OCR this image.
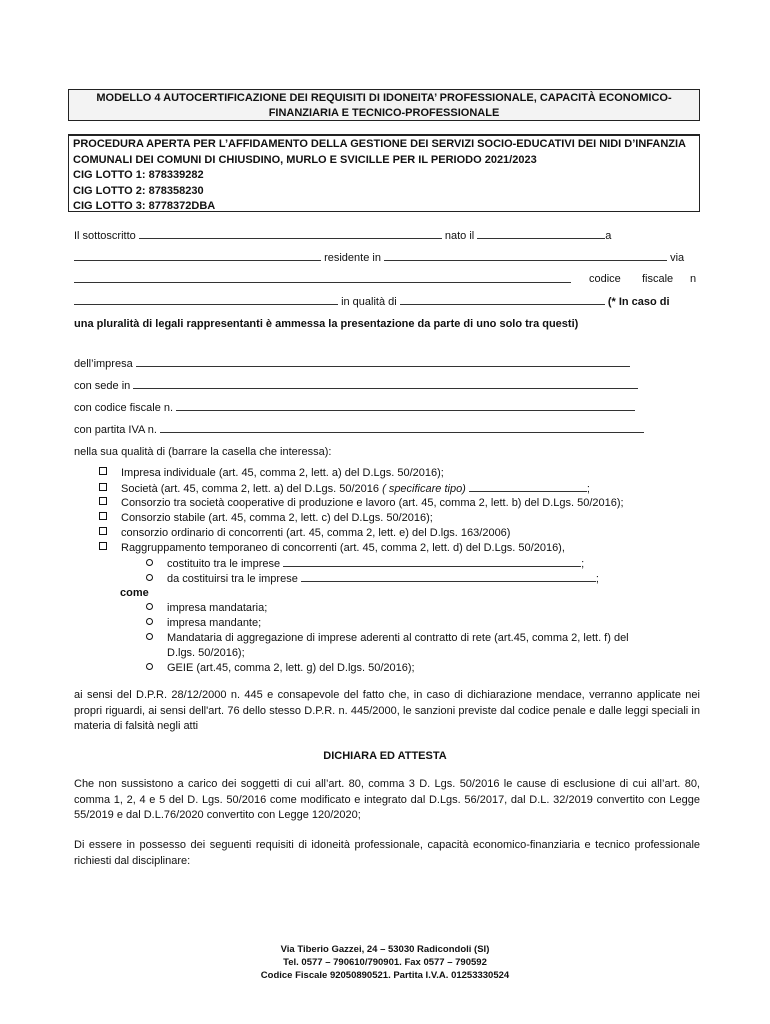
MODELLO 4 AUTOCERTIFICAZIONE DEI REQUISITI DI IDONEITA’ PROFESSIONALE, CAPACITÀ ECONOMICO-
FINANZIARIA E TECNICO-PROFESSIONALE
PROCEDURA APERTA PER L’AFFIDAMENTO DELLA GESTIONE DEI SERVIZI SOCIO-EDUCATIVI DEI NIDI D’INFANZIA
COMUNALI DEI COMUNI DI CHIUSDINO, MURLO E SVICILLE PER IL PERIODO 2021/2023
CIG LOTTO 1: 878339282
CIG LOTTO 2: 878358230
CIG LOTTO 3: 8778372DBA
Il sottoscritto	nato il	a
residente in	via
codice fiscale n
in qualità di	(* In caso di
una pluralità di legali rappresentanti è ammessa la presentazione da parte di uno solo tra questi)
dell’impresa
con sede in
con codice fiscale n.
con partita IVA n.
nella sua qualità di (barrare la casella che interessa):
Impresa individuale (art. 45, comma 2, lett. a) del D.Lgs. 50/2016);
Società (art. 45, comma 2, lett. a) del D.Lgs. 50/2016 ( specificare tipo)	;
Consorzio tra società cooperative di produzione e lavoro (art. 45, comma 2, lett. b) del D.Lgs. 50/2016);
Consorzio stabile (art. 45, comma 2, lett. c) del D.Lgs. 50/2016);
consorzio ordinario di concorrenti (art. 45, comma 2, lett. e) del D.lgs. 163/2006)
Raggruppamento temporaneo di concorrenti (art. 45, comma 2, lett. d) del D.Lgs. 50/2016),
costituito tra le imprese	;
da costituirsi tra le imprese	;
come
impresa mandataria;
impresa mandante;
Mandataria di aggregazione di imprese aderenti al contratto di rete (art.45, comma 2, lett. f) del
D.lgs. 50/2016);
GEIE (art.45, comma 2, lett. g) del D.lgs. 50/2016);
ai sensi del D.P.R. 28/12/2000 n. 445 e consapevole del fatto che, in caso di dichiarazione mendace, verranno applicate nei propri riguardi, ai sensi dell'art. 76 dello stesso D.P.R. n. 445/2000, le sanzioni previste dal codice penale e dalle leggi speciali in materia di falsità negli atti
DICHIARA ED ATTESTA
Che non sussistono a carico dei soggetti di cui all’art. 80, comma 3 D. Lgs. 50/2016 le cause di esclusione di cui all’art. 80, comma 1, 2, 4 e 5 del D. Lgs. 50/2016 come modificato e integrato dal D.Lgs. 56/2017, dal D.L. 32/2019 convertito con Legge 55/2019 e dal D.L.76/2020 convertito con Legge 120/2020;
Di essere in possesso dei seguenti requisiti di idoneità professionale, capacità economico-finanziaria e tecnico professionale richiesti dal disciplinare:
Via Tiberio Gazzei, 24 – 53030 Radicondoli (SI)
Tel. 0577 – 790610/790901. Fax 0577 – 790592
Codice Fiscale 92050890521. Partita I.V.A. 01253330524
